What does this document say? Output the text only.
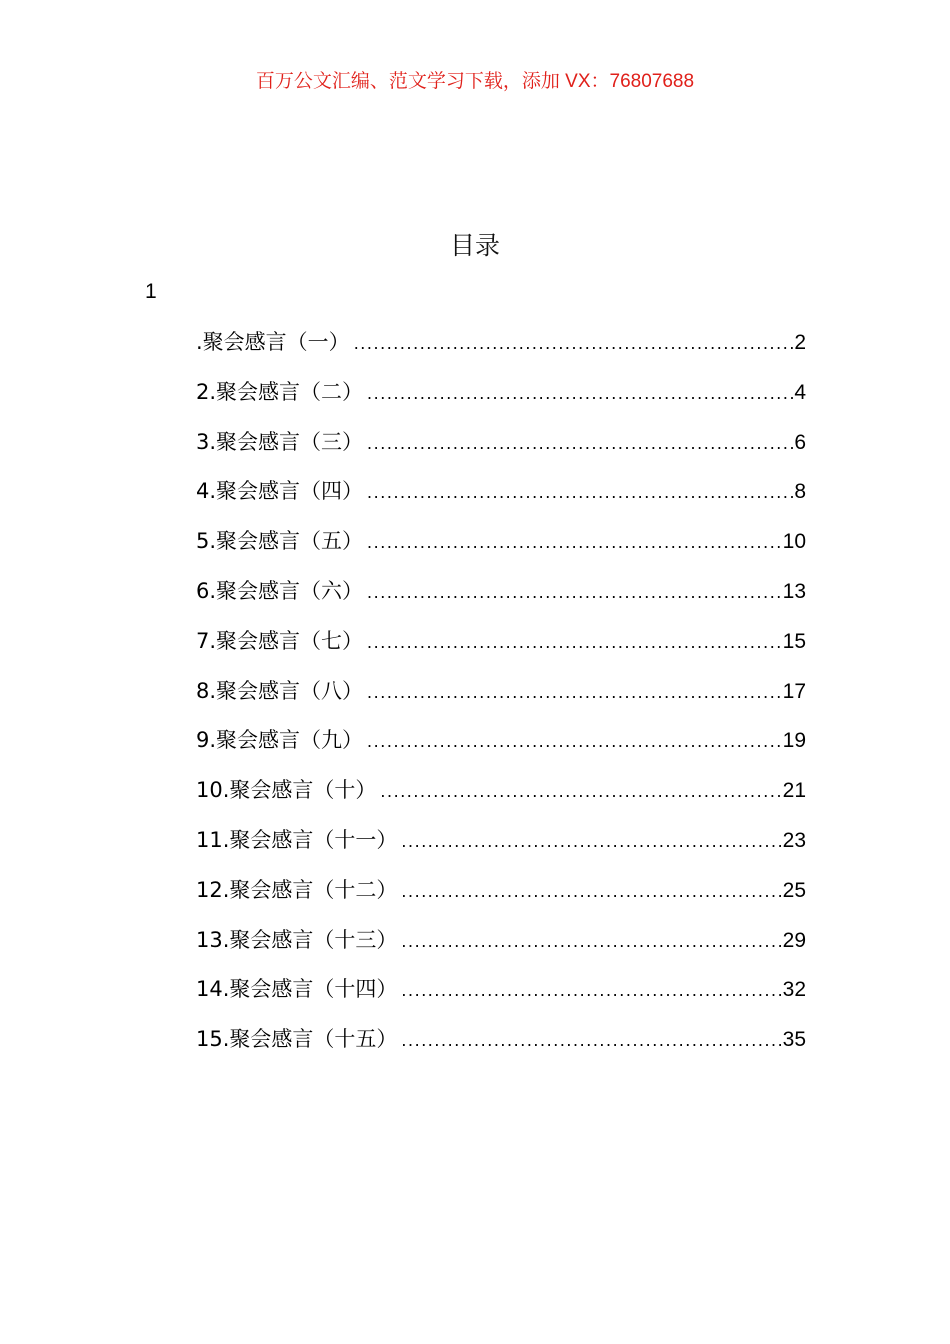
百万公文汇编、范文学习下载，添加 VX：76807688
目录
1
.聚会感言（一） .....	2
2.聚会感言（二） .....	4
3.聚会感言（三） .....	6
4.聚会感言（四） .....	8
5.聚会感言（五） .....	10
6.聚会感言（六） .....	13
7.聚会感言（七） .....	15
8.聚会感言（八） .....	17
9.聚会感言（九） .....	19
10.聚会感言（十） .....	21
11.聚会感言（十一） .....	23
12.聚会感言（十二） .....	25
13.聚会感言（十三） .....	29
14.聚会感言（十四） .....	32
15.聚会感言（十五） .....	35
